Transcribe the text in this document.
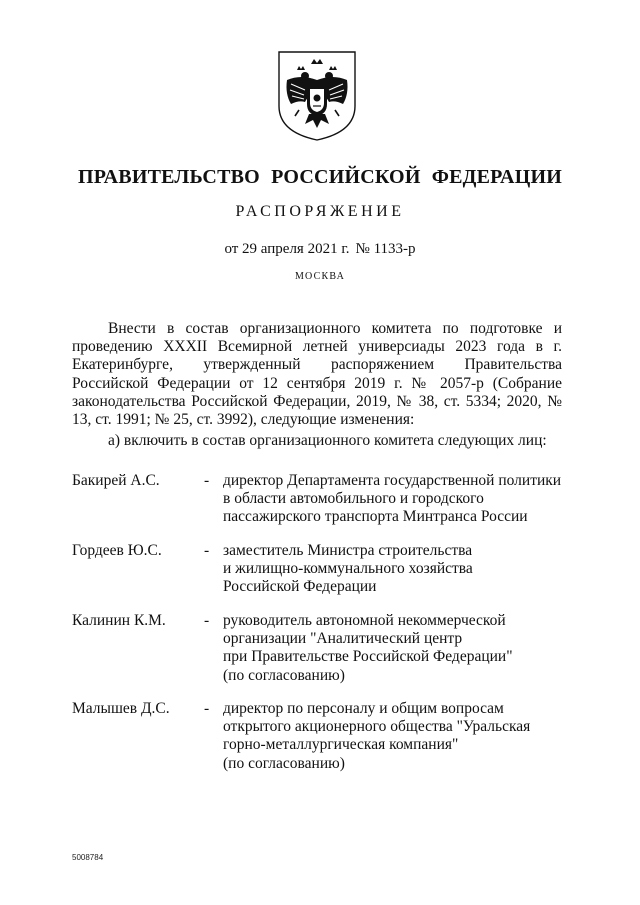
ПРАВИТЕЛЬСТВО РОССИЙСКОЙ ФЕДЕРАЦИИ
РАСПОРЯЖЕНИЕ
от 29 апреля 2021 г. № 1133-р
МОСКВА

Внести в состав организационного комитета по подготовке и проведению XXXII Всемирной летней универсиады 2023 года в г. Екатеринбурге, утвержденный распоряжением Правительства Российской Федерации от 12 сентября 2019 г. № 2057-р (Собрание законодательства Российской Федерации, 2019, № 38, ст. 5334; 2020, № 13, ст. 1991; № 25, ст. 3992), следующие изменения:

а) включить в состав организационного комитета следующих лиц:

Бакирей А.С.	- директор Департамента государственной политики
в области автомобильного и городского
пассажирского транспорта Минтранса России
Гордеев Ю.С.	- заместитель Министра строительства
и жилищно-коммунального хозяйства
Российской Федерации
Калинин К.М. - руководитель автономной некоммерческой
организации "Аналитический центр
при Правительстве Российской Федерации"
(по согласованию)
Малышев Д.С. - директор по персоналу и общим вопросам
открытого акционерного общества "Уральская
горно-металлургическая компания"
(по согласованию)
5008784
